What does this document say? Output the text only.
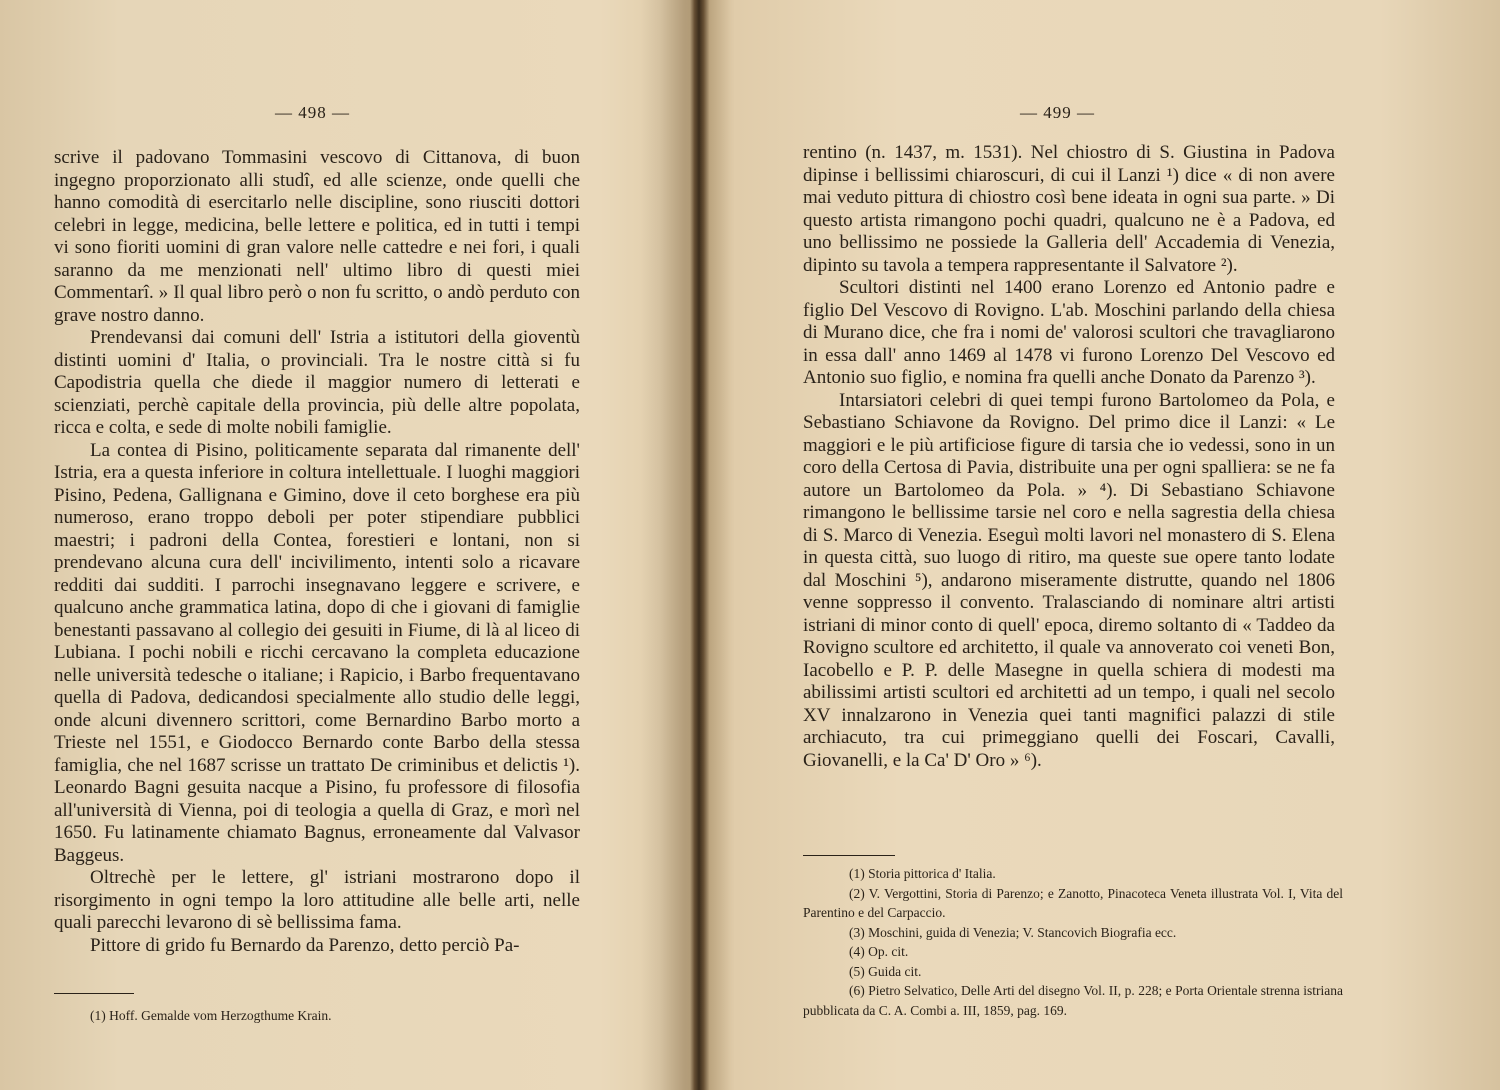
— 498 —

scrive il padovano Tommasini vescovo di Cittanova, di buon ingegno proporzionato alli studî, ed alle scienze, onde quelli che hanno comodità di esercitarlo nelle discipline, sono riusciti dottori celebri in legge, medicina, belle lettere e politica, ed in tutti i tempi vi sono fioriti uomini di gran valore nelle cattedre e nei fori, i quali saranno da me menzionati nell' ultimo libro di questi miei Commentarî. » Il qual libro però o non fu scritto, o andò perduto con grave nostro danno.

Prendevansi dai comuni dell' Istria a istitutori della gioventù distinti uomini d' Italia, o provinciali. Tra le nostre città si fu Capodistria quella che diede il maggior numero di letterati e scienziati, perchè capitale della provincia, più delle altre popolata, ricca e colta, e sede di molte nobili famiglie.

La contea di Pisino, politicamente separata dal rimanente dell' Istria, era a questa inferiore in coltura intellettuale. I luoghi maggiori Pisino, Pedena, Gallignana e Gimino, dove il ceto borghese era più numeroso, erano troppo deboli per poter stipendiare pubblici maestri; i padroni della Contea, forestieri e lontani, non si prendevano alcuna cura dell' incivilimento, intenti solo a ricavare redditi dai sudditi. I parrochi insegnavano leggere e scrivere, e qualcuno anche grammatica latina, dopo di che i giovani di famiglie benestanti passavano al collegio dei gesuiti in Fiume, di là al liceo di Lubiana. I pochi nobili e ricchi cercavano la completa educazione nelle università tedesche o italiane; i Rapicio, i Barbo frequentavano quella di Padova, dedicandosi specialmente allo studio delle leggi, onde alcuni divennero scrittori, come Bernardino Barbo morto a Trieste nel 1551, e Giodocco Bernardo conte Barbo della stessa famiglia, che nel 1687 scrisse un trattato De criminibus et delictis ¹). Leonardo Bagni gesuita nacque a Pisino, fu professore di filosofia all'università di Vienna, poi di teologia a quella di Graz, e morì nel 1650. Fu latinamente chiamato Bagnus, erroneamente dal Valvasor Baggeus.

Oltrechè per le lettere, gl' istriani mostrarono dopo il risorgimento in ogni tempo la loro attitudine alle belle arti, nelle quali parecchi levarono di sè bellissima fama.

Pittore di grido fu Bernardo da Parenzo, detto perciò Pa-

(1) Hoff. Gemalde vom Herzogthume Krain.
— 499 —

rentino (n. 1437, m. 1531). Nel chiostro di S. Giustina in Padova dipinse i bellissimi chiaroscuri, di cui il Lanzi ¹) dice « di non avere mai veduto pittura di chiostro così bene ideata in ogni sua parte. » Di questo artista rimangono pochi quadri, qualcuno ne è a Padova, ed uno bellissimo ne possiede la Galleria dell' Accademia di Venezia, dipinto su tavola a tempera rappresentante il Salvatore ²).

Scultori distinti nel 1400 erano Lorenzo ed Antonio padre e figlio Del Vescovo di Rovigno. L'ab. Moschini parlando della chiesa di Murano dice, che fra i nomi de' valorosi scultori che travagliarono in essa dall' anno 1469 al 1478 vi furono Lorenzo Del Vescovo ed Antonio suo figlio, e nomina fra quelli anche Donato da Parenzo ³).

Intarsiatori celebri di quei tempi furono Bartolomeo da Pola, e Sebastiano Schiavone da Rovigno. Del primo dice il Lanzi: « Le maggiori e le più artificiose figure di tarsia che io vedessi, sono in un coro della Certosa di Pavia, distribuite una per ogni spalliera: se ne fa autore un Bartolomeo da Pola. » ⁴). Di Sebastiano Schiavone rimangono le bellissime tarsie nel coro e nella sagrestia della chiesa di S. Marco di Venezia. Eseguì molti lavori nel monastero di S. Elena in questa città, suo luogo di ritiro, ma queste sue opere tanto lodate dal Moschini ⁵), andarono miseramente distrutte, quando nel 1806 venne soppresso il convento. Tralasciando di nominare altri artisti istriani di minor conto di quell' epoca, diremo soltanto di « Taddeo da Rovigno scultore ed architetto, il quale va annoverato coi veneti Bon, Iacobello e P. P. delle Masegne in quella schiera di modesti ma abilissimi artisti scultori ed architetti ad un tempo, i quali nel secolo XV innalzarono in Venezia quei tanti magnifici palazzi di stile archiacuto, tra cui primeggiano quelli dei Foscari, Cavalli, Giovanelli, e la Ca' D' Oro » ⁶).

(1) Storia pittorica d' Italia.
(2) V. Vergottini, Storia di Parenzo; e Zanotto, Pinacoteca Veneta illustrata Vol. I, Vita del Parentino e del Carpaccio.
(3) Moschini, guida di Venezia; V. Stancovich Biografia ecc.
(4) Op. cit.
(5) Guida cit.
(6) Pietro Selvatico, Delle Arti del disegno Vol. II, p. 228; e Porta Orientale strenna istriana pubblicata da C. A. Combi a. III, 1859, pag. 169.
